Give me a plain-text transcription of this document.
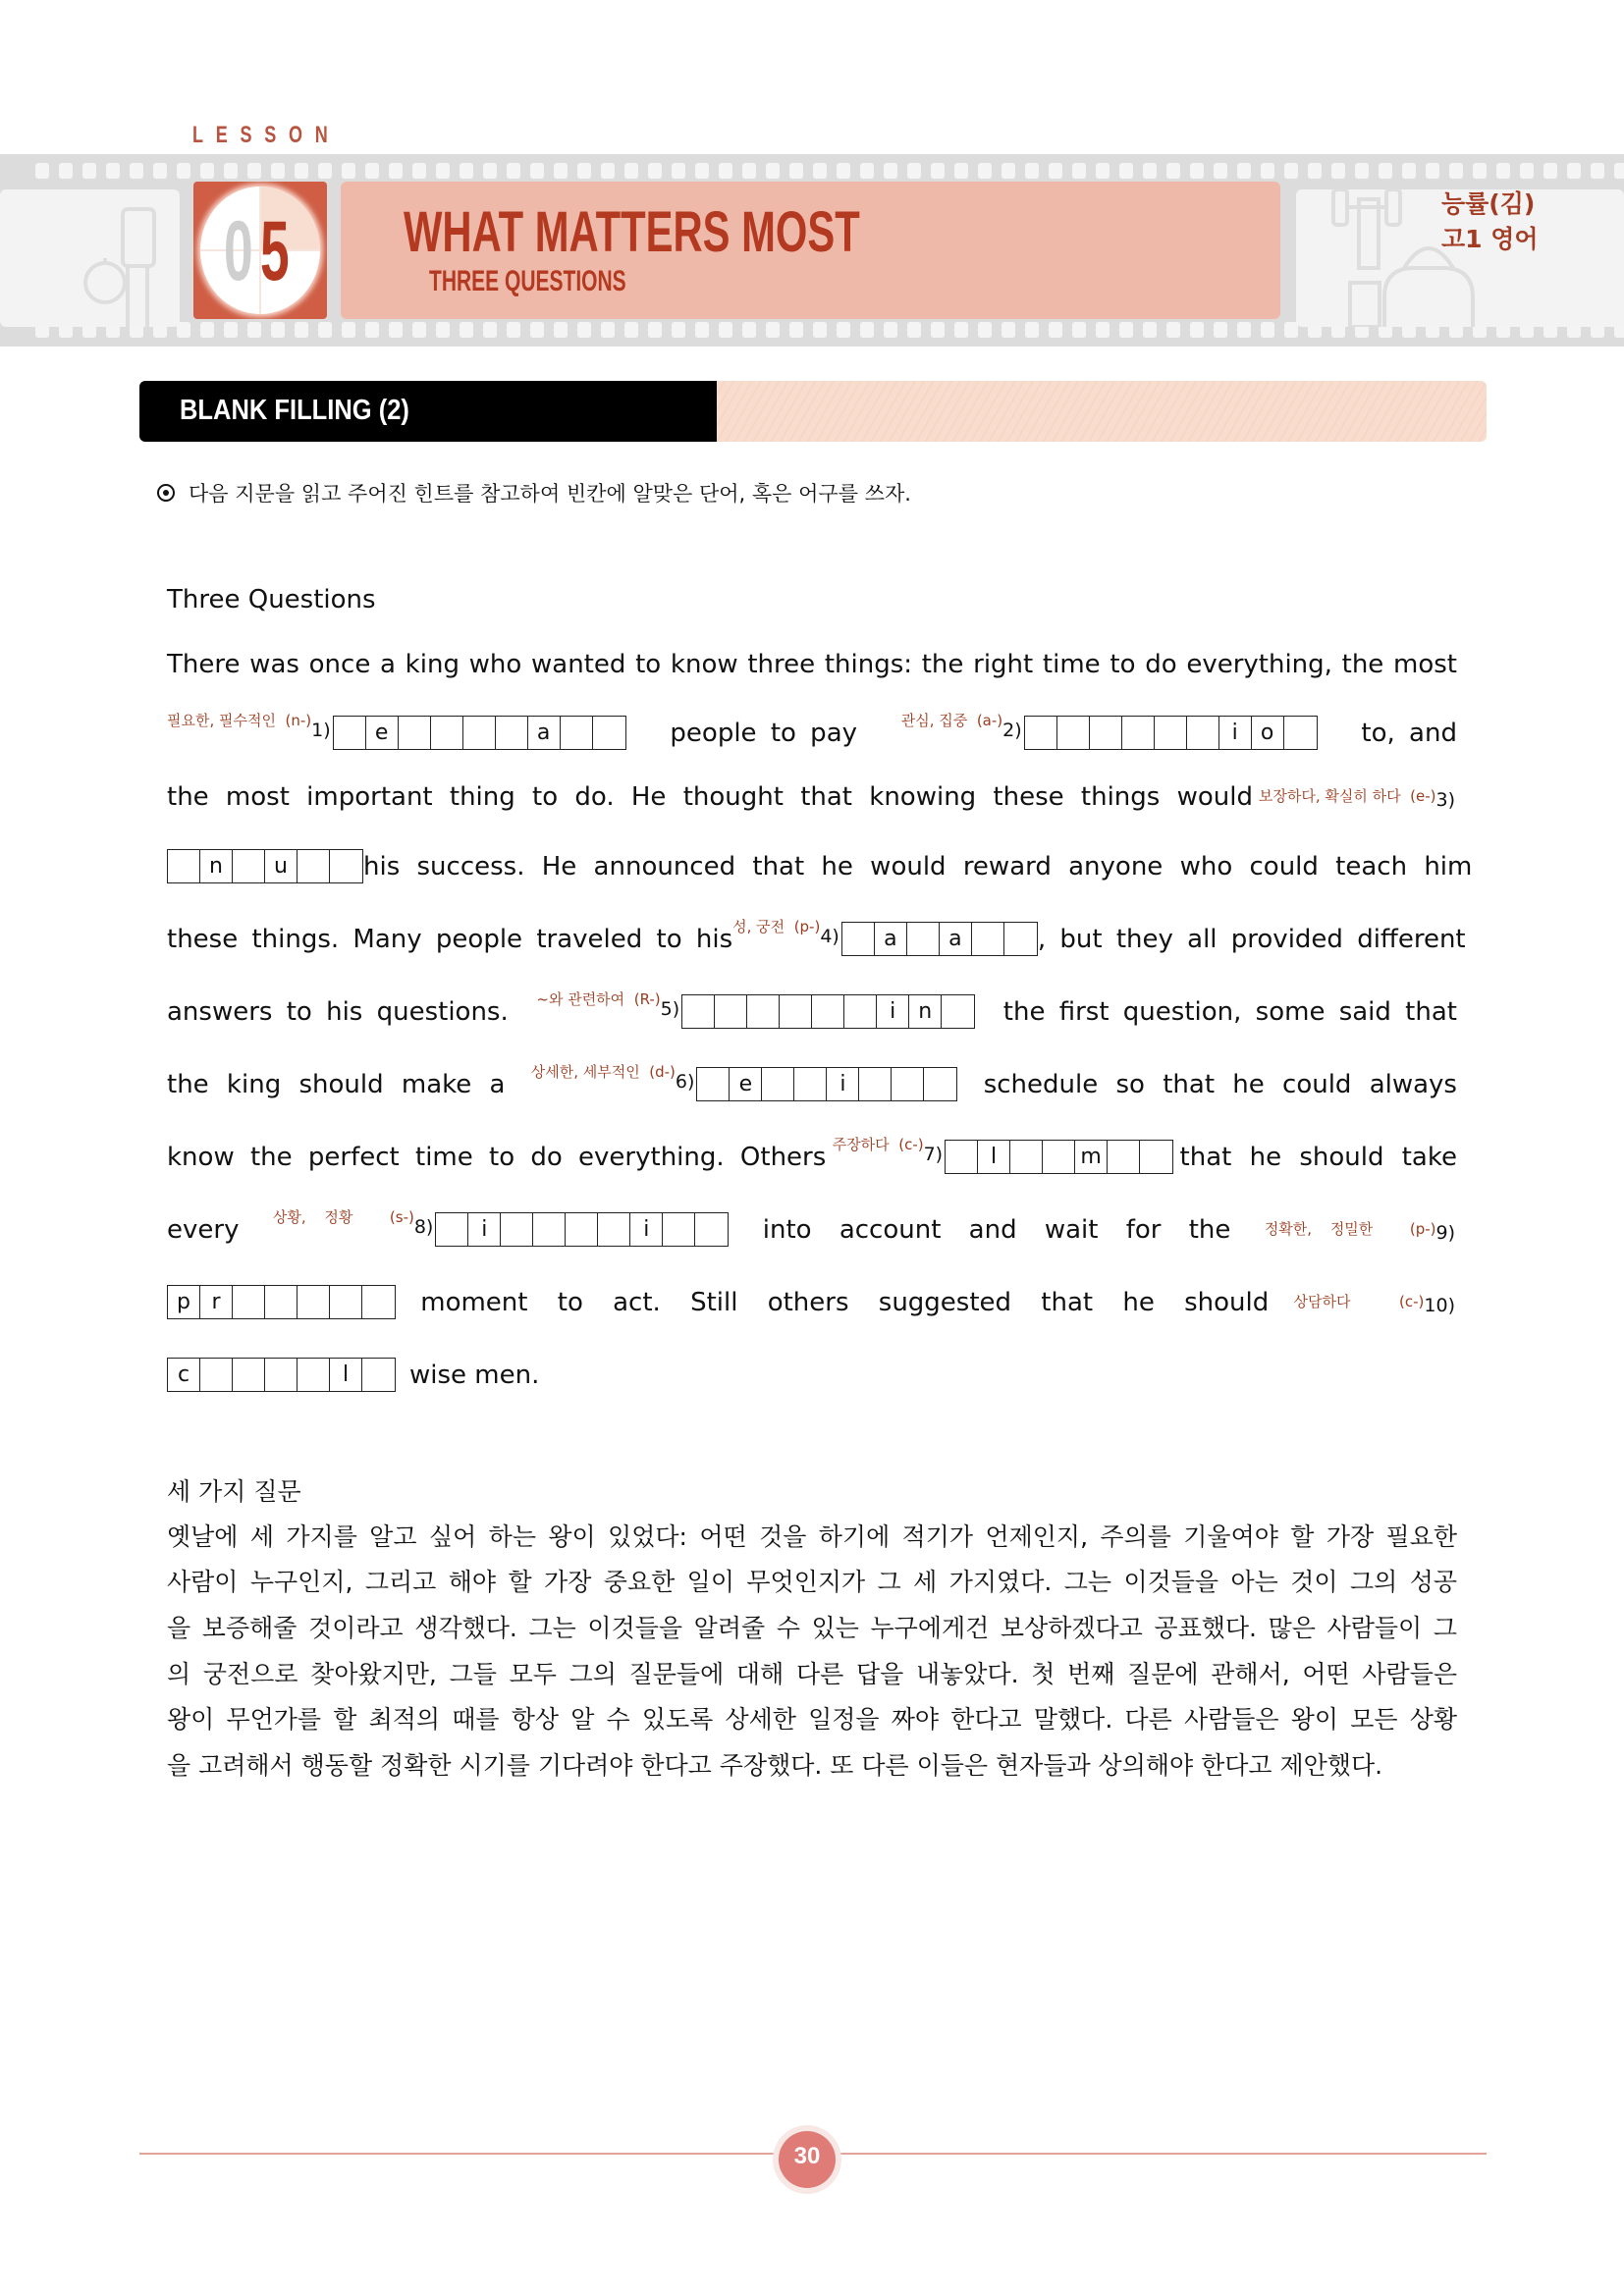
LESSON
0 5 WHAT MATTERS MOST
THREE QUESTIONS
능률(김)
고1 영어
BLANK FILLING (2)
다음 지문을 읽고 주어진 힌트를 참고하여 빈칸에 알맞은 단어, 혹은 어구를 쓰자.
Three Questions
There was once a king who wanted to know three things: the right time to do everything, the most
필요한, 필수적인 (n-) 1)	e	a	people to pay	관심, 집중 (a-) 2)	i	o	to, and
the most important thing to do. He thought that knowing these things would 보장하다, 확실히 하다 (e-) 3)
n	u	his success. He announced that he would reward anyone who could teach him
these things. Many people traveled to his 성, 궁전 (p-) 4)	a	a	, but they all provided different
answers to his questions. ~와 관련하여 (R-) 5)	i	n	the first question, some said that
the king should make a 상세한, 세부적인 (d-) 6)	e	i	schedule so that he could always
know the perfect time to do everything. Others 주장하다 (c-) 7)	l	m	that he should take
every 상황, 정황	(s-) 8)	i	i	into account and wait for the 정확한, 정밀한	(p-) 9)
p r	moment to act. Still others suggested that he should 상담하다	(c-) 10)
c	l	wise men.
세 가지 질문
옛날에 세 가지를 알고 싶어 하는 왕이 있었다: 어떤 것을 하기에 적기가 언제인지, 주의를 기울여야 할 가장 필요한
사람이 누구인지, 그리고 해야 할 가장 중요한 일이 무엇인지가 그 세 가지였다. 그는 이것들을 아는 것이 그의 성공
을 보증해줄 것이라고 생각했다. 그는 이것들을 알려줄 수 있는 누구에게건 보상하겠다고 공표했다. 많은 사람들이 그
의 궁전으로 찾아왔지만, 그들 모두 그의 질문들에 대해 다른 답을 내놓았다. 첫 번째 질문에 관해서, 어떤 사람들은
왕이 무언가를 할 최적의 때를 항상 알 수 있도록 상세한 일정을 짜야 한다고 말했다. 다른 사람들은 왕이 모든 상황
을 고려해서 행동할 정확한 시기를 기다려야 한다고 주장했다. 또 다른 이들은 현자들과 상의해야 한다고 제안했다.
30
